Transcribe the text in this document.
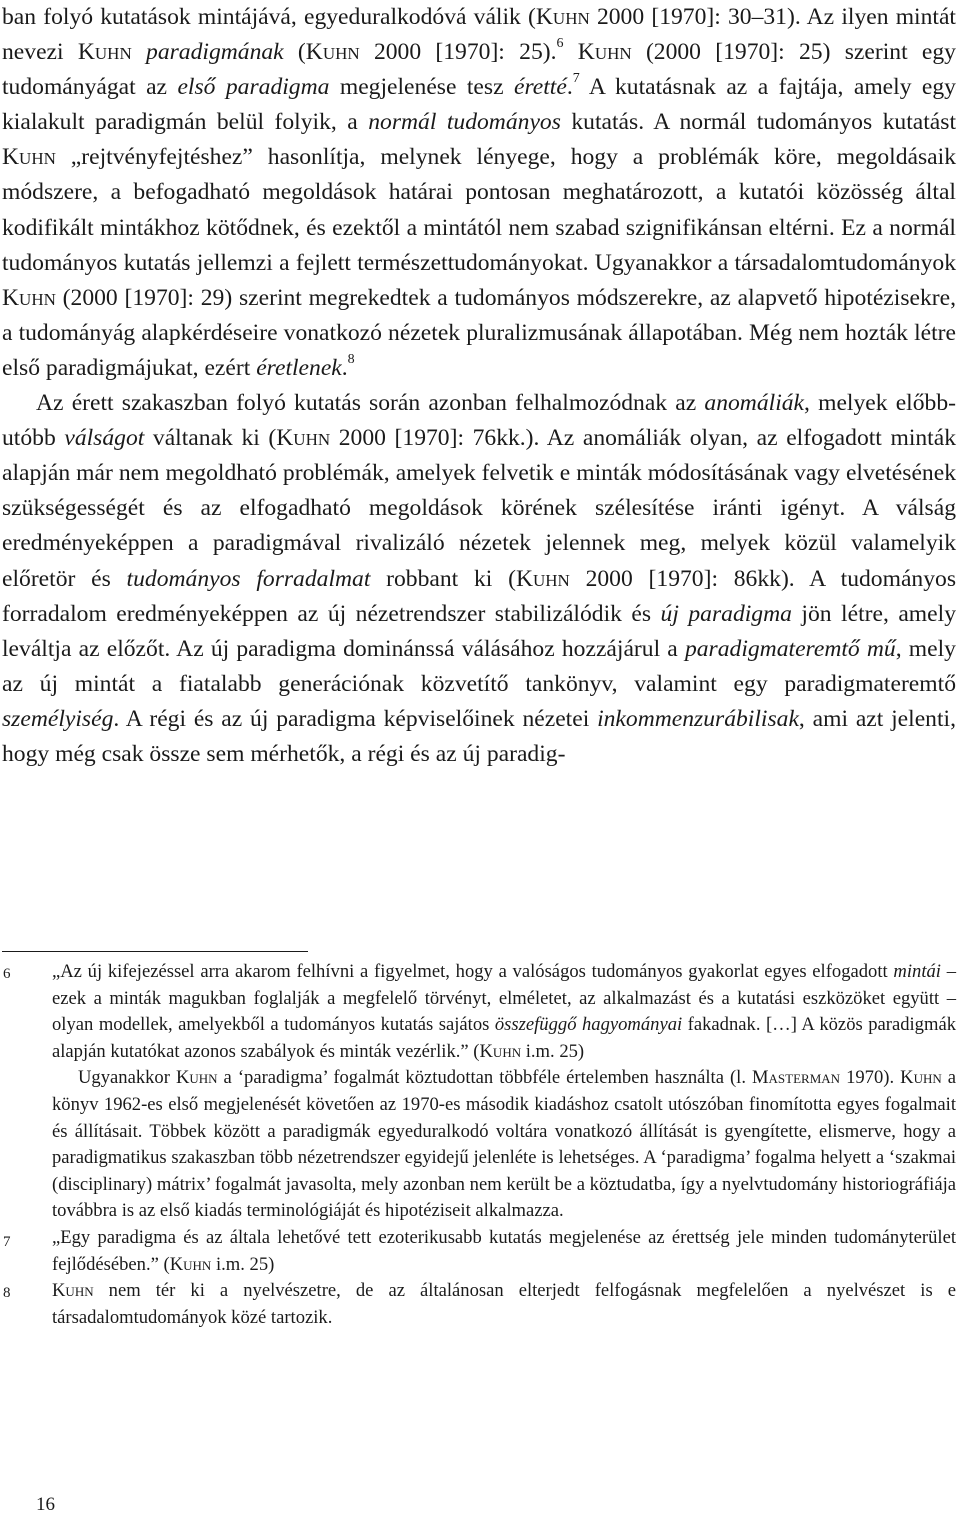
ban folyó kutatások mintájává, egyeduralkodóvá válik (Kuhn 2000 [1970]: 30–31). Az ilyen mintát nevezi Kuhn paradigmának (Kuhn 2000 [1970]: 25).$^6$ Kuhn (2000 [1970]: 25) szerint egy tudományágat az első paradigma megjelenése tesz éretté.$^7$ A kutatásnak az a fajtája, amely egy kialakult paradigmán belül folyik, a normál tudományos kutatás. A normál tudományos kutatást Kuhn „rejtvényfejtéshez” hasonlítja, melynek lényege, hogy a problémák köre, megoldásaik módszere, a befogadható megoldások határai pontosan meghatározott, a kutatói közösség által kodifikált mintákhoz kötődnek, és ezektől a mintától nem szabad szignifikánsan eltérni. Ez a normál tudományos kutatás jellemzi a fejlett természettudományokat. Ugyanakkor a társadalomtudományok Kuhn (2000 [1970]: 29) szerint megrekedtek a tudományos módszerekre, az alapvető hipotézisekre, a tudományág alapkérdéseire vonatkozó nézetek pluralizmusának állapotában. Még nem hozták létre első paradigmájukat, ezért éretlenek.$^8$

Az érett szakaszban folyó kutatás során azonban felhalmozódnak az anomáliák, melyek előbb-utóbb válságot váltanak ki (Kuhn 2000 [1970]: 76kk.). Az anomáliák olyan, az elfogadott minták alapján már nem megoldható problémák, amelyek felvetik e minták módosításának vagy elvetésének szükségességét és az elfogadható megoldások körének szélesítése iránti igényt. A válság eredményeképpen a paradigmával rivalizáló nézetek jelennek meg, melyek közül valamelyik előretör és tudományos forradalmat robbant ki (Kuhn 2000 [1970]: 86kk). A tudományos forradalom eredményeképpen az új nézetrendszer stabilizálódik és új paradigma jön létre, amely leváltja az előzőt. Az új paradigma dominánssá válásához hozzájárul a paradigmateremtő mű, mely az új mintát a fiatalabb generációnak közvetítő tankönyv, valamint egy paradigmateremtő személyiség. A régi és az új paradigma képviselőinek nézetei inkommenzurábilisak, ami azt jelenti, hogy még csak össze sem mérhetők, a régi és az új paradig-

6 „Az új kifejezéssel arra akarom felhívni a figyelmet, hogy a valóságos tudományos gyakorlat egyes elfogadott mintái – ezek a minták magukban foglalják a megfelelő törvényt, elméletet, az alkalmazást és a kutatási eszközöket együtt – olyan modellek, amelyekből a tudományos kutatás sajátos összefüggő hagyományai fakadnak. […] A közös paradigmák alapján kutatókat azonos szabályok és minták vezérlik.” (Kuhn i.m. 25)

Ugyanakkor Kuhn a ‘paradigma’ fogalmát köztudottan többféle értelemben használta (l. Masterman 1970). Kuhn a könyv 1962-es első megjelenését követően az 1970-es második kiadáshoz csatolt utószóban finomította egyes fogalmait és állításait. Többek között a paradigmák egyeduralkodó voltára vonatkozó állítását is gyengítette, elismerve, hogy a paradigmatikus szakaszban több nézetrendszer egyidejű jelenléte is lehetséges. A ‘paradigma’ fogalma helyett a ‘szakmai (disciplinary) mátrix’ fogalmát javasolta, mely azonban nem került be a köztudatba, így a nyelvtudomány historiográfiája továbbra is az első kiadás terminológiáját és hipotéziseit alkalmazza.

7 „Egy paradigma és az általa lehetővé tett ezoterikusabb kutatás megjelenése az érettség jele minden tudományterület fejlődésében.” (Kuhn i.m. 25)

8 Kuhn nem tér ki a nyelvészetre, de az általánosan elterjedt felfogásnak megfelelően a nyelvészet is e társadalomtudományok közé tartozik.

16
